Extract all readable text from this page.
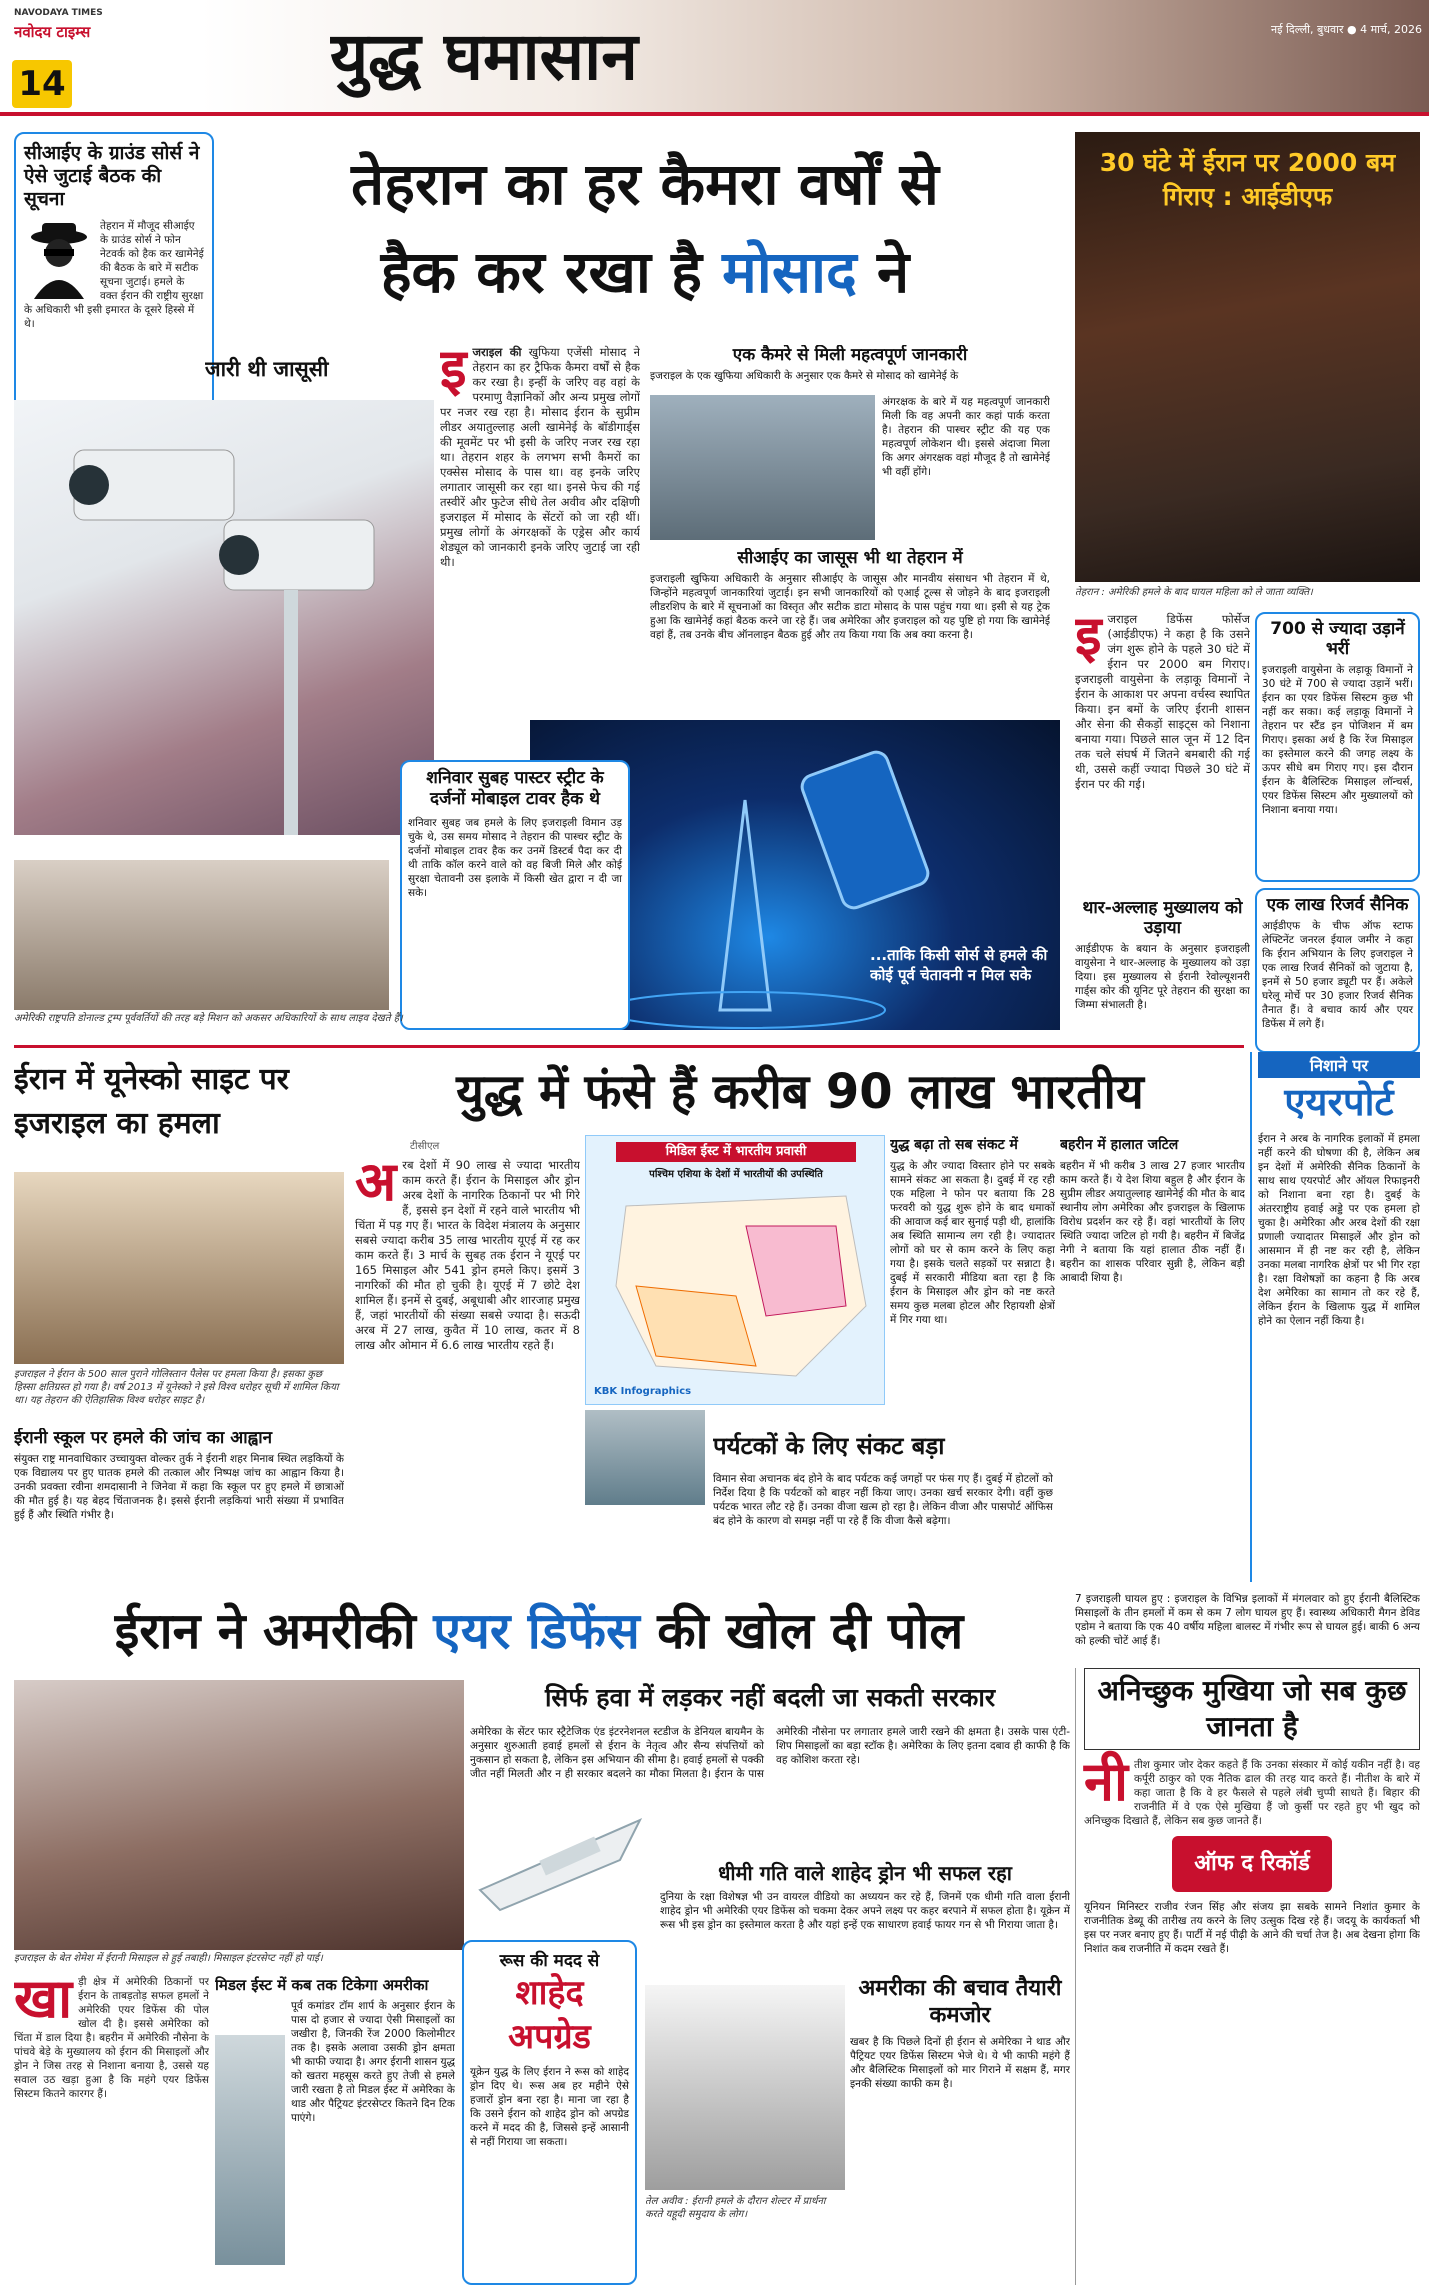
NAVODAYA TIMES
नवोदय टाइम्स
14	युद्ध घमासान	नई दिल्ली, बुधवार ● 4 मार्च, 2026
सीआईए के ग्राउंड सोर्स ने ऐसे जुटाई बैठक की सूचना
तेहरान में मौजूद सीआईए के ग्राउंड सोर्स ने फोन नेटवर्क को हैक कर खामेनेई की बैठक के बारे में सटीक सूचना जुटाई। हमले के वक्त ईरान की राष्ट्रीय सुरक्षा के अधिकारी भी इसी इमारत के दूसरे हिस्से में थे।
तेहरान का हर कैमरा वर्षों से
हैक कर रखा है मोसाद ने
जारी थी जासूसी	इ जराइल की खुफिया एजेंसी मोसाद ने तेहरान का हर ट्रैफिक कैमरा वर्षों से हैक कर रखा है। इन्हीं के जरिए वह वहां के परमाणु वैज्ञानिकों और अन्य प्रमुख लोगों पर नजर रख रहा है। मोसाद ईरान के सुप्रीम लीडर अयातुल्लाह अली खामेनेई के बॉडीगार्ड्स की मूवमेंट पर भी इसी के जरिए नजर रख रहा था। तेहरान शहर के लगभग सभी कैमरों का एक्सेस मोसाद के पास था। वह इनके जरिए लगातार जासूसी कर रहा था। इनसे फेच की गई तस्वीरें और फुटेज सीधे तेल अवीव और दक्षिणी इजराइल में मोसाद के सेंटरों को जा रही थीं। प्रमुख लोगों के अंगरक्षकों के एड्रेस और कार्य शेड्यूल को जानकारी इनके जरिए जुटाई जा रही थी।
एक कैमरे से मिली महत्वपूर्ण जानकारी
इजराइल के एक खुफिया अधिकारी के अनुसार एक कैमरे से मोसाद को खामेनेई के
अंगरक्षक के बारे में यह महत्वपूर्ण जानकारी मिली कि वह अपनी कार कहां पार्क करता है। तेहरान की पास्चर स्ट्रीट की यह एक महत्वपूर्ण लोकेशन थी। इससे अंदाजा मिला कि अगर अंगरक्षक वहां मौजूद है तो खामेनेई भी वहीं होंगे।
सीआईए का जासूस भी था तेहरान में
इजराइली खुफिया अधिकारी के अनुसार सीआईए के जासूस और मानवीय संसाधन भी तेहरान में थे, जिन्होंने महत्वपूर्ण जानकारियां जुटाई। इन सभी जानकारियों को एआई टूल्स से जोड़ने के बाद इजराइली लीडरशिप के बारे में सूचनाओं का विस्तृत और सटीक डाटा मोसाद के पास पहुंच गया था। इसी से यह ट्रेक हुआ कि खामेनेई कहां बैठक करने जा रहे हैं। जब अमेरिका और इजराइल को यह पुष्टि हो गया कि खामेनेई वहां हैं, तब उनके बीच ऑनलाइन बैठक हुई और तय किया गया कि अब क्या करना है।
...ताकि किसी सोर्स से हमले की कोई पूर्व चेतावनी न मिल सके
शनिवार सुबह पास्टर स्ट्रीट के दर्जनों मोबाइल टावर हैक थे
शनिवार सुबह जब हमले के लिए इजराइली विमान उड़ चुके थे, उस समय मोसाद ने तेहरान की पास्चर स्ट्रीट के दर्जनों मोबाइल टावर हैक कर उनमें डिस्टर्ब पैदा कर दी थी ताकि कॉल करने वाले को वह बिजी मिले और कोई सुरक्षा चेतावनी उस इलाके में किसी खेत द्वारा न दी जा सके।
अमेरिकी राष्ट्रपति डोनाल्ड ट्रम्प पूर्ववर्तियों की तरह बड़े मिशन को अकसर अधिकारियों के साथ लाइव देखते हैं।
30 घंटे में ईरान पर 2000 बम गिराए : आईडीएफ
तेहरान : अमेरिकी हमले के बाद घायल महिला को ले जाता व्यक्ति।
इ जराइल डिफेंस फोर्सेज (आईडीएफ) ने कहा है कि उसने जंग शुरू होने के पहले 30 घंटे में ईरान पर 2000 बम गिराए। इजराइली वायुसेना के लड़ाकू विमानों ने ईरान के आकाश पर अपना वर्चस्व स्थापित किया। इन बमों के जरिए ईरानी शासन और सेना की सैकड़ों साइट्स को निशाना बनाया गया। पिछले साल जून में 12 दिन तक चले संघर्ष में जितने बमबारी की गई थी, उससे कहीं ज्यादा पिछले 30 घंटे में ईरान पर की गई।
थार-अल्लाह मुख्यालय को उड़ाया
आईडीएफ के बयान के अनुसार इजराइली वायुसेना ने थार-अल्लाह के मुख्यालय को उड़ा दिया। इस मुख्यालय से ईरानी रेवोल्यूशनरी गार्ड्स कोर की यूनिट पूरे तेहरान की सुरक्षा का जिम्मा संभालती है।
700 से ज्यादा उड़ानें भरीं
इजराइली वायुसेना के लड़ाकू विमानों ने 30 घंटे में 700 से ज्यादा उड़ानें भरीं। ईरान का एयर डिफेंस सिस्टम कुछ भी नहीं कर सका। कई लड़ाकू विमानों ने तेहरान पर स्टैंड इन पोजिशन में बम गिराए। इसका अर्थ है कि रेंज मिसाइल का इस्तेमाल करने की जगह लक्ष्य के ऊपर सीधे बम गिराए गए। इस दौरान ईरान के बैलिस्टिक मिसाइल लॉन्चर्स, एयर डिफेंस सिस्टम और मुख्यालयों को निशाना बनाया गया।
एक लाख रिजर्व सैनिक
आईडीएफ के चीफ ऑफ स्टाफ लेफ्टिनेंट जनरल ईयाल जमीर ने कहा कि ईरान अभियान के लिए इजराइल ने एक लाख रिजर्व सैनिकों को जुटाया है, इनमें से 50 हजार ड्यूटी पर हैं। अकेले घरेलू मोर्चे पर 30 हजार रिजर्व सैनिक तैनात हैं। वे बचाव कार्य और एयर डिफेंस में लगे हैं।
ईरान में यूनेस्को साइट पर इजराइल का हमला
इजराइल ने ईरान के 500 साल पुराने गोलिस्तान पैलेस पर हमला किया है। इसका कुछ हिस्सा क्षतिग्रस्त हो गया है। वर्ष 2013 में यूनेस्को ने इसे विश्व धरोहर सूची में शामिल किया था। यह तेहरान की ऐतिहासिक विश्व धरोहर साइट है।
ईरानी स्कूल पर हमले की जांच का आह्वान
संयुक्त राष्ट्र मानवाधिकार उच्चायुक्त वोल्कर तुर्क ने ईरानी शहर मिनाब स्थित लड़कियों के एक विद्यालय पर हुए घातक हमले की तत्काल और निष्पक्ष जांच का आह्वान किया है। उनकी प्रवक्ता रवीना शमदासानी ने जिनेवा में कहा कि स्कूल पर हुए हमले में छात्राओं की मौत हुई है। यह बेहद चिंताजनक है। इससे ईरानी लड़कियां भारी संख्या में प्रभावित हुई हैं और स्थिति गंभीर है।
युद्ध में फंसे हैं करीब 90 लाख भारतीय
टीसीएल
अ रब देशों में 90 लाख से ज्यादा भारतीय काम करते हैं। ईरान के मिसाइल और ड्रोन अरब देशों के नागरिक ठिकानों पर भी गिरे हैं, इससे इन देशों में रहने वाले भारतीय भी चिंता में पड़ गए हैं। भारत के विदेश मंत्रालय के अनुसार सबसे ज्यादा करीब 35 लाख भारतीय यूएई में रह कर काम करते हैं। 3 मार्च के सुबह तक ईरान ने यूएई पर 165 मिसाइल और 541 ड्रोन हमले किए। इसमें 3 नागरिकों की मौत हो चुकी है। यूएई में 7 छोटे देश शामिल हैं। इनमें से दुबई, अबूधाबी और शारजाह प्रमुख हैं, जहां भारतीयों की संख्या सबसे ज्यादा है। सऊदी अरब में 27 लाख, कुवैत में 10 लाख, कतर में 8 लाख और ओमान में 6.6 लाख भारतीय रहते हैं।
मिडिल ईस्ट में भारतीय प्रवासी
पश्चिम एशिया के देशों में भारतीयों की उपस्थिति
KBK Infographics
युद्ध बढ़ा तो सब संकट में
युद्ध के और ज्यादा विस्तार होने पर सबके सामने संकट आ सकता है। दुबई में रह रही एक महिला ने फोन पर बताया कि 28 फरवरी को युद्ध शुरू होने के बाद धमाकों की आवाज कई बार सुनाई पड़ी थी, हालांकि अब स्थिति सामान्य लग रही है। ज्यादातर लोगों को घर से काम करने के लिए कहा गया है। इसके चलते सड़कों पर सन्नाटा है। दुबई में सरकारी मीडिया बता रहा है कि ईरान के मिसाइल और ड्रोन को नष्ट करते समय कुछ मलबा होटल और रिहायशी क्षेत्रों में गिर गया था।
बहरीन में हालात जटिल
बहरीन में भी करीब 3 लाख 27 हजार भारतीय काम करते हैं। ये देश शिया बहुल है और ईरान के सुप्रीम लीडर अयातुल्लाह खामेनेई की मौत के बाद स्थानीय लोग अमेरिका और इजराइल के खिलाफ विरोध प्रदर्शन कर रहे हैं। वहां भारतीयों के लिए स्थिति ज्यादा जटिल हो गयी है। बहरीन में बिजेंद्र नेगी ने बताया कि यहां हालात ठीक नहीं हैं। बहरीन का शासक परिवार सुन्नी है, लेकिन बड़ी आबादी शिया है।
पर्यटकों के लिए संकट बड़ा
विमान सेवा अचानक बंद होने के बाद पर्यटक कई जगहों पर फंस गए हैं। दुबई में होटलों को निर्देश दिया है कि पर्यटकों को बाहर नहीं किया जाए। उनका खर्च सरकार देगी। वहीं कुछ पर्यटक भारत लौट रहे हैं। उनका वीजा खत्म हो रहा है। लेकिन वीजा और पासपोर्ट ऑफिस बंद होने के कारण वो समझ नहीं पा रहे हैं कि वीजा कैसे बढ़ेगा।
निशाने पर
एयरपोर्ट
ईरान ने अरब के नागरिक इलाकों में हमला नहीं करने की घोषणा की है, लेकिन अब इन देशों में अमेरिकी सैनिक ठिकानों के साथ साथ एयरपोर्ट और ऑयल रिफाइनरी को निशाना बना रहा है। दुबई के अंतरराष्ट्रीय हवाई अड्डे पर एक हमला हो चुका है। अमेरिका और अरब देशों की रक्षा प्रणाली ज्यादातर मिसाइलें और ड्रोन को आसमान में ही नष्ट कर रही है, लेकिन उनका मलबा नागरिक क्षेत्रों पर भी गिर रहा है। रक्षा विशेषज्ञों का कहना है कि अरब देश अमेरिका का सामान तो कर रहे हैं, लेकिन ईरान के खिलाफ युद्ध में शामिल होने का ऐलान नहीं किया है।
7 इजराइली घायल हुए : इजराइल के विभिन्न इलाकों में मंगलवार को हुए ईरानी बैलिस्टिक मिसाइलों के तीन हमलों में कम से कम 7 लोग घायल हुए हैं। स्वास्थ्य अधिकारी मैगन डेविड एडोम ने बताया कि एक 40 वर्षीय महिला बालस्ट में गंभीर रूप से घायल हुई। बाकी 6 अन्य को हल्की चोटें आई हैं।
ईरान ने अमरीकी एयर डिफेंस की खोल दी पोल
इजराइल के बेत शेमेश में ईरानी मिसाइल से हुई तबाही। मिसाइल इंटरसेप्ट नहीं हो पाई।
सिर्फ हवा में लड़कर नहीं बदली जा सकती सरकार
अमेरिका के सेंटर फार स्ट्रैटेजिक एंड इंटरनेशनल स्टडीज के डेनियल बायमैन के अनुसार शुरुआती हवाई हमलों से ईरान के नेतृत्व और सैन्य संपत्तियों को नुकसान हो सकता है, लेकिन इस अभियान की सीमा है। हवाई हमलों से पक्की जीत नहीं मिलती और न ही सरकार बदलने का मौका मिलता है। ईरान के पास अमेरिकी नौसेना पर लगातार हमले जारी रखने की क्षमता है। उसके पास एंटी-शिप मिसाइलों का बड़ा स्टॉक है। अमेरिका के लिए इतना दबाव ही काफी है कि वह कोशिश करता रहे।
धीमी गति वाले शाहेद ड्रोन भी सफल रहा
दुनिया के रक्षा विशेषज्ञ भी उन वायरल वीडियो का अध्ययन कर रहे हैं, जिनमें एक धीमी गति वाला ईरानी शाहेद ड्रोन भी अमेरिकी एयर डिफेंस को चकमा देकर अपने लक्ष्य पर कहर बरपाने में सफल होता है। यूक्रेन में रूस भी इस ड्रोन का इस्तेमाल करता है और यहां इन्हें एक साधारण हवाई फायर गन से भी गिराया जाता है।
खा ड़ी क्षेत्र में अमेरिकी ठिकानों पर ईरान के ताबड़तोड़ सफल हमलों ने अमेरिकी एयर डिफेंस की पोल खोल दी है। इससे अमेरिका को चिंता में डाल दिया है। बहरीन में अमेरिकी नौसेना के पांचवे बेड़े के मुख्यालय को ईरान की मिसाइलों और ड्रोन ने जिस तरह से निशाना बनाया है, उससे यह सवाल उठ खड़ा हुआ है कि महंगे एयर डिफेंस सिस्टम कितने कारगर हैं।
मिडल ईस्ट में कब तक टिकेगा अमरीका
पूर्व कमांडर टॉम शार्प के अनुसार ईरान के पास दो हजार से ज्यादा ऐसी मिसाइलों का जखीरा है, जिनकी रेंज 2000 किलोमीटर तक है। इसके अलावा उसकी ड्रोन क्षमता भी काफी ज्यादा है। अगर ईरानी शासन युद्ध को खतरा महसूस करते हुए तेजी से हमले जारी रखता है तो मिडल ईस्ट में अमेरिका के थाड और पैट्रियट इंटरसेप्टर कितने दिन टिक पाएंगे।
रूस की मदद से
शाहेद अपग्रेड
यूक्रेन युद्ध के लिए ईरान ने रूस को शाहेद ड्रोन दिए थे। रूस अब हर महीने ऐसे हजारों ड्रोन बना रहा है। माना जा रहा है कि उसने ईरान को शाहेद ड्रोन को अपग्रेड करने में मदद की है, जिससे इन्हें आसानी से नहीं गिराया जा सकता।
तेल अवीव : ईरानी हमले के दौरान शेल्टर में प्रार्थना करते यहूदी समुदाय के लोग।
अमरीका की बचाव तैयारी कमजोर
खबर है कि पिछले दिनों ही ईरान से अमेरिका ने थाड और पैट्रियट एयर डिफेंस सिस्टम भेजे थे। ये भी काफी महंगे हैं और बैलिस्टिक मिसाइलों को मार गिराने में सक्षम हैं, मगर इनकी संख्या काफी कम है।
अनिच्छुक मुखिया जो सब कुछ जानता है
नी तीश कुमार जोर देकर कहते हैं कि उनका संस्कार में कोई यकीन नहीं है। वह कर्पूरी ठाकुर को एक नैतिक ढाल की तरह याद करते हैं। नीतीश के बारे में कहा जाता है कि वे हर फैसले से पहले लंबी चुप्पी साधते हैं। बिहार की राजनीति में वे एक ऐसे मुखिया हैं जो कुर्सी पर रहते हुए भी खुद को अनिच्छुक दिखाते हैं, लेकिन सब कुछ जानते हैं।
ऑफ द रिकॉर्ड
यूनियन मिनिस्टर राजीव रंजन सिंह और संजय झा सबके सामने निशांत कुमार के राजनीतिक डेब्यू की तारीख तय करने के लिए उत्सुक दिख रहे हैं। जदयू के कार्यकर्ता भी इस पर नजर बनाए हुए हैं। पार्टी में नई पीढ़ी के आने की चर्चा तेज है। अब देखना होगा कि निशांत कब राजनीति में कदम रखते हैं।
